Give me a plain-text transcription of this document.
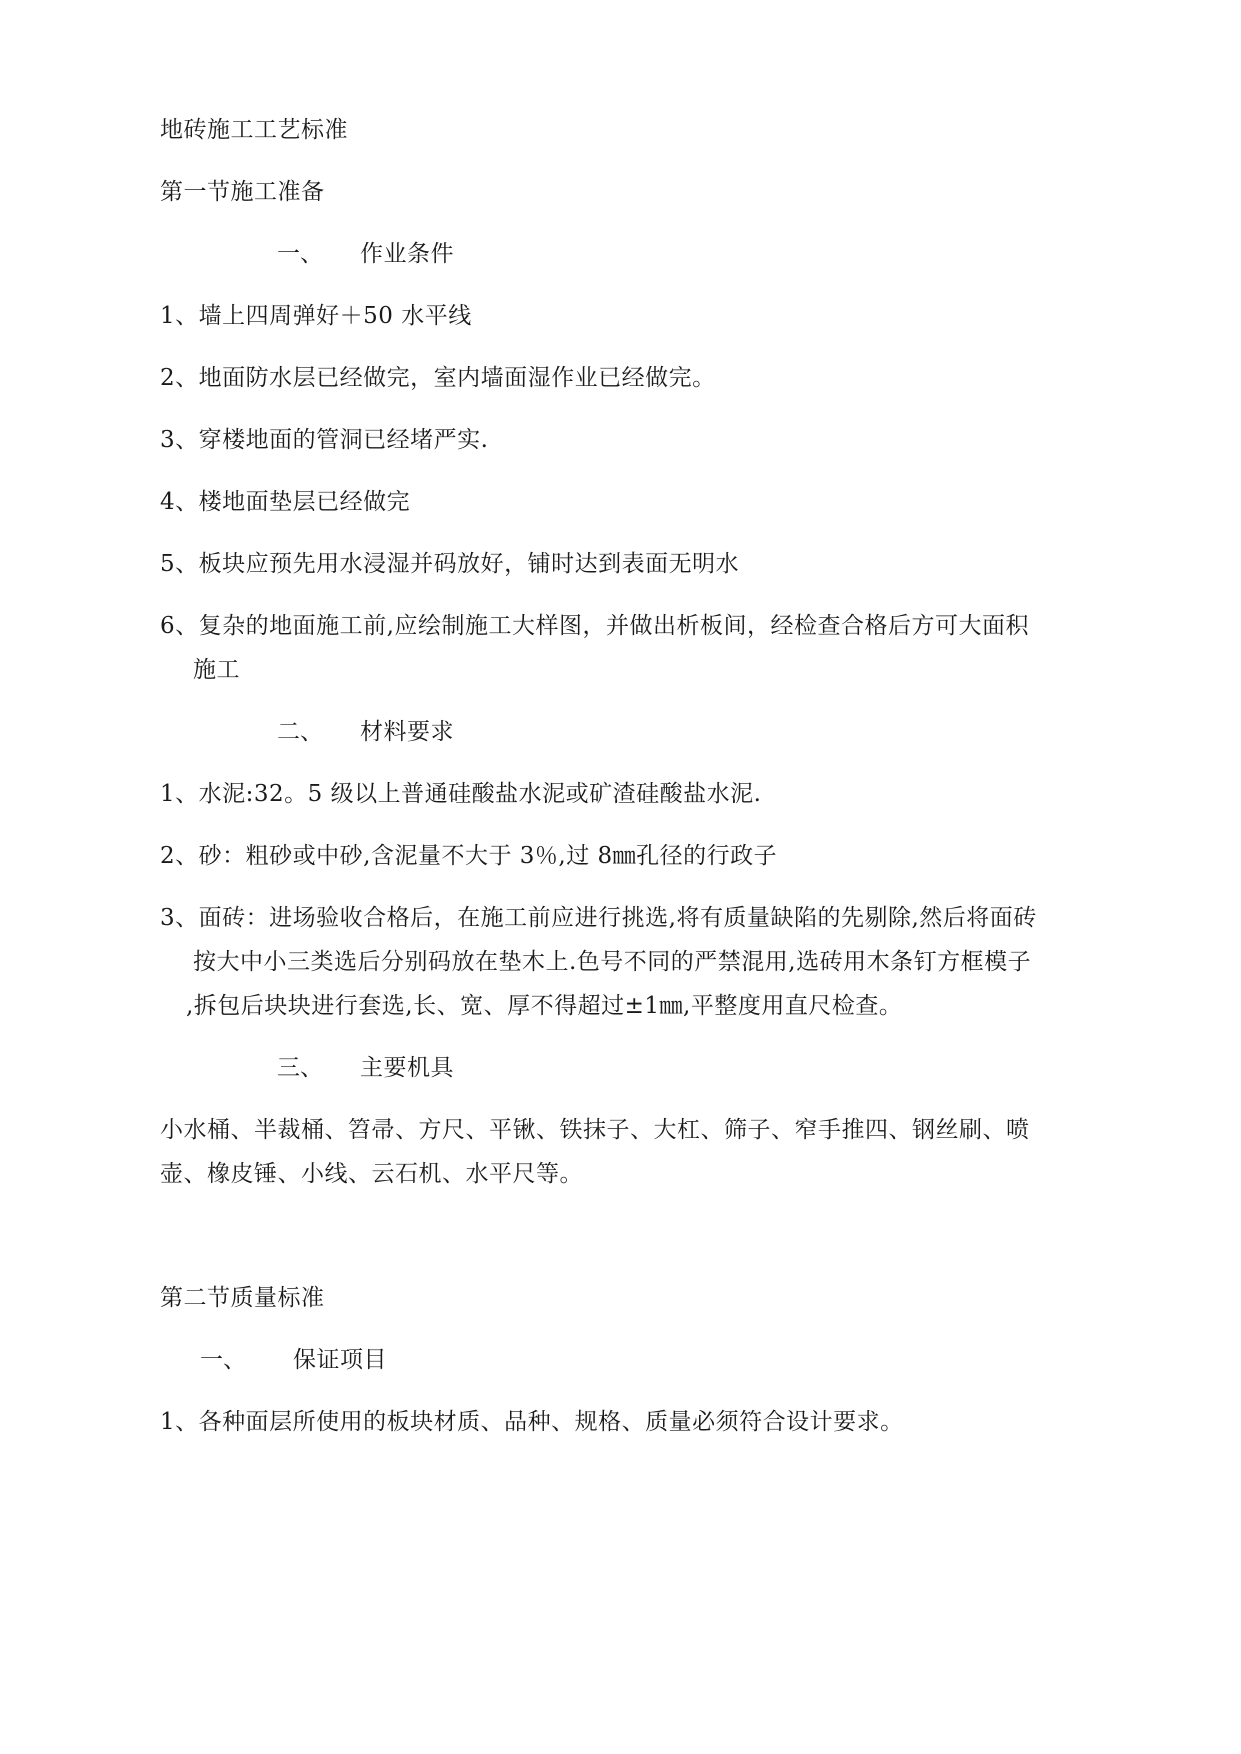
地砖施工工艺标准
第一节施工准备
一、 作业条件
1、墙上四周弹好＋50 水平线
2、地面防水层已经做完，室内墙面湿作业已经做完。
3、穿楼地面的管洞已经堵严实.
4、楼地面垫层已经做完
5、板块应预先用水浸湿并码放好，铺时达到表面无明水
6、复杂的地面施工前,应绘制施工大样图，并做出析板间，经检查合格后方可大面积
施工
二、 材料要求
1、水泥:32。5 级以上普通硅酸盐水泥或矿渣硅酸盐水泥.
2、砂：粗砂或中砂,含泥量不大于 3％,过 8㎜孔径的行政子
3、面砖：进场验收合格后，在施工前应进行挑选,将有质量缺陷的先剔除,然后将面砖
按大中小三类选后分别码放在垫木上.色号不同的严禁混用,选砖用木条钉方框模子
,拆包后块块进行套选,长、宽、厚不得超过±1㎜,平整度用直尺检查。
三、 主要机具
小水桶、半裁桶、笤帚、方尺、平锹、铁抹子、大杠、筛子、窄手推四、钢丝刷、喷
壶、橡皮锤、小线、云石机、水平尺等。
第二节质量标准
一、 保证项目
1、各种面层所使用的板块材质、品种、规格、质量必须符合设计要求。
